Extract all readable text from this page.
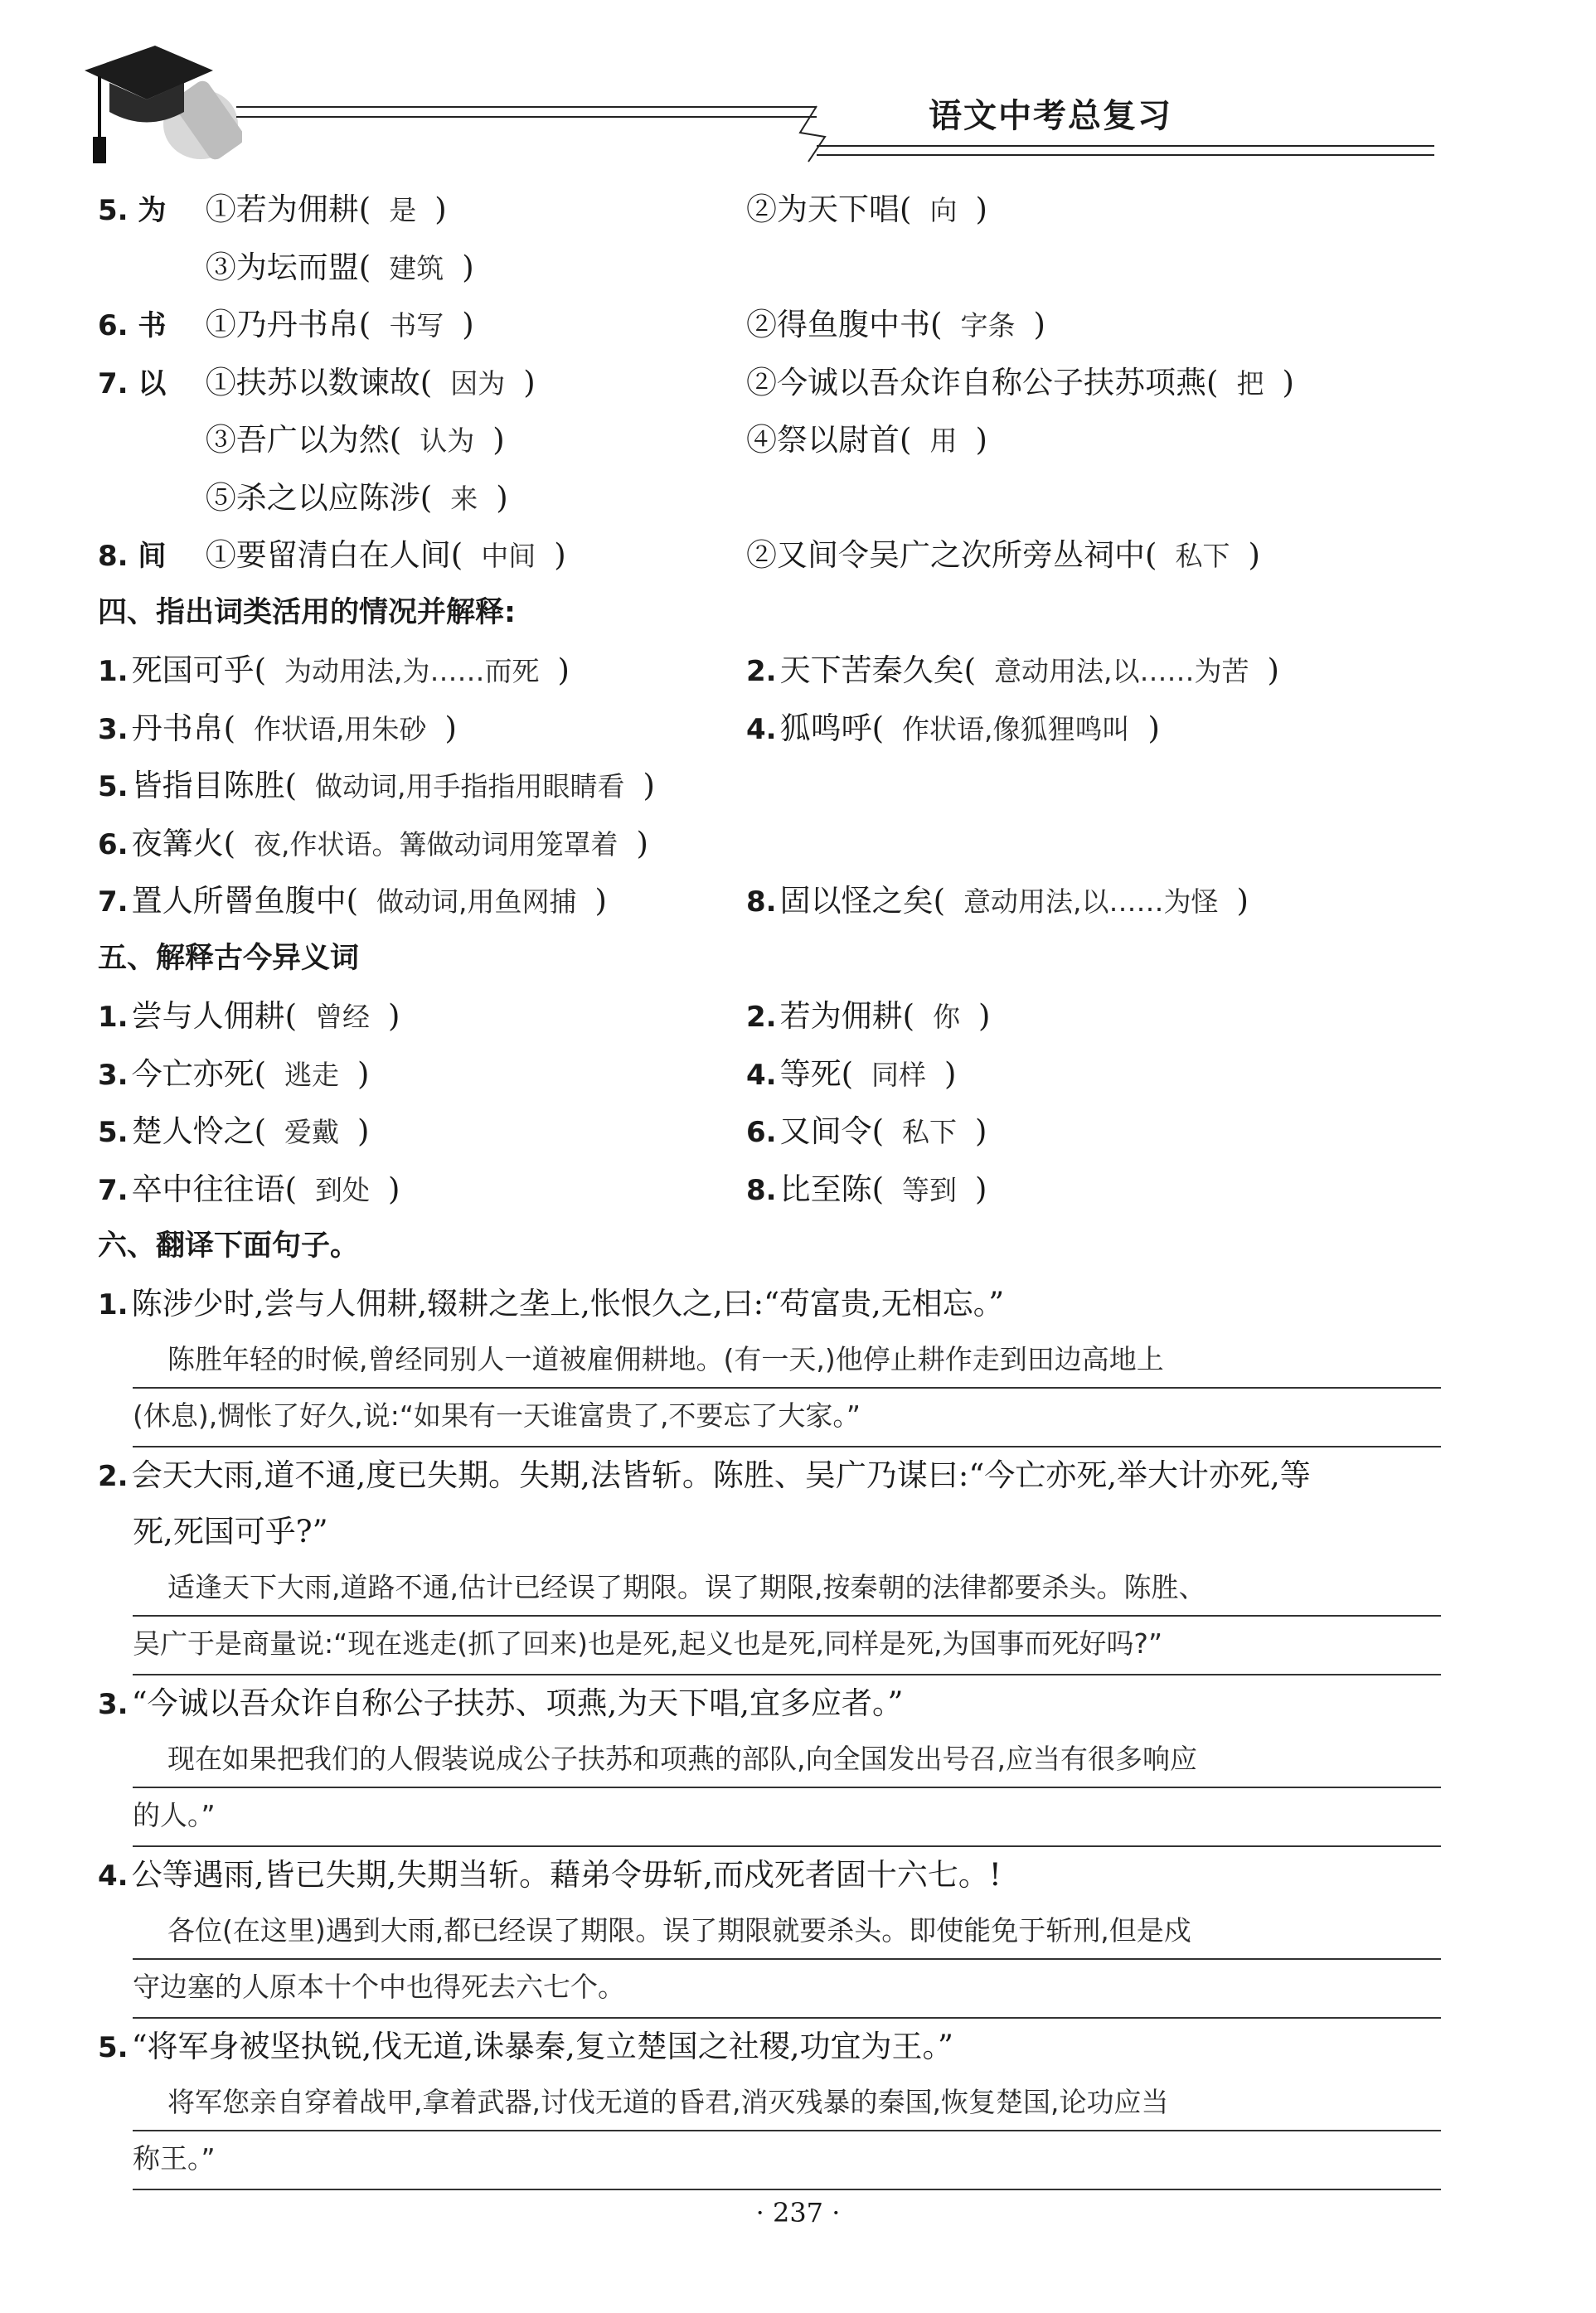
语文中考总复习
5. 为 ①若为佣耕( 是 )	②为天下唱( 向 )
③为坛而盟( 建筑 )
6. 书 ①乃丹书帛( 书写 )	②得鱼腹中书( 字条 )
7. 以 ①扶苏以数谏故( 因为 )	②今诚以吾众诈自称公子扶苏项燕( 把 )
③吾广以为然( 认为 )	④祭以尉首( 用 )
⑤杀之以应陈涉( 来 )
8. 间 ①要留清白在人间( 中间 )	②又间令吴广之次所旁丛祠中( 私下 )
四、指出词类活用的情况并解释:
1. 死国可乎( 为动用法,为……而死 )	2. 天下苦秦久矣( 意动用法,以……为苦 )
3. 丹书帛( 作状语,用朱砂 )	4. 狐鸣呼( 作状语,像狐狸鸣叫 )
5. 皆指目陈胜( 做动词,用手指指用眼睛看 )
6. 夜篝火( 夜,作状语。篝做动词用笼罩着 )
7. 置人所罾鱼腹中( 做动词,用鱼网捕 )	8. 固以怪之矣( 意动用法,以……为怪 )
五、解释古今异义词
1. 尝与人佣耕( 曾经 )	2. 若为佣耕( 你 )
3. 今亡亦死( 逃走 )	4. 等死( 同样 )
5. 楚人怜之( 爱戴 )	6. 又间令( 私下 )
7. 卒中往往语( 到处 )	8. 比至陈( 等到 )
六、翻译下面句子。
1. 陈涉少时,尝与人佣耕,辍耕之垄上,怅恨久之,曰:“苟富贵,无相忘。”
陈胜年轻的时候,曾经同别人一道被雇佣耕地。(有一天,)他停止耕作走到田边高地上
(休息),惆怅了好久,说:“如果有一天谁富贵了,不要忘了大家。”
2. 会天大雨,道不通,度已失期。失期,法皆斩。陈胜、吴广乃谋曰:“今亡亦死,举大计亦死,等
死,死国可乎?”
适逢天下大雨,道路不通,估计已经误了期限。误了期限,按秦朝的法律都要杀头。陈胜、
吴广于是商量说:“现在逃走(抓了回来)也是死,起义也是死,同样是死,为国事而死好吗?”
3. “今诚以吾众诈自称公子扶苏、项燕,为天下唱,宜多应者。”
现在如果把我们的人假装说成公子扶苏和项燕的部队,向全国发出号召,应当有很多响应
的人。”
4. 公等遇雨,皆已失期,失期当斩。藉弟令毋斩,而戍死者固十六七。!
各位(在这里)遇到大雨,都已经误了期限。误了期限就要杀头。即使能免于斩刑,但是戍
守边塞的人原本十个中也得死去六七个。
5. “将军身被坚执锐,伐无道,诛暴秦,复立楚国之社稷,功宜为王。”
将军您亲自穿着战甲,拿着武器,讨伐无道的昏君,消灭残暴的秦国,恢复楚国,论功应当
称王。”
· 237 ·
